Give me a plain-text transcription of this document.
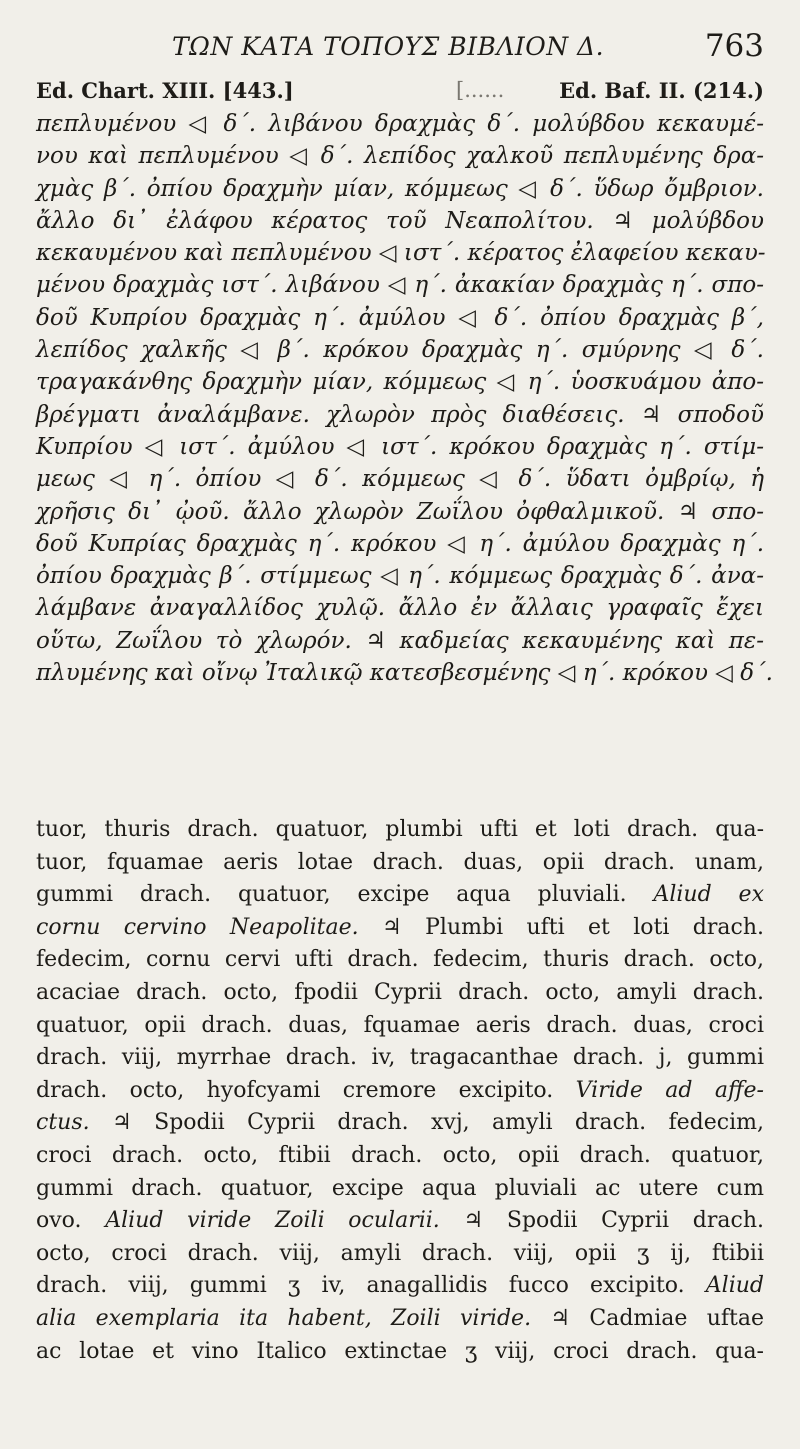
ΤΩΝ ΚΑΤΑ ΤΟΠΟΥΣ ΒΙΒΛΙΟΝ Δ.	763
Ed. Chart. XIII. [443.]	[......	Ed. Baf. II. (214.)
πεπλυμένου ◁ δ΄. λιβάνου δραχμὰς δ΄. μολύβδου κεκαυμέ-
νου καὶ πεπλυμένου ◁ δ΄. λεπίδος χαλκοῦ πεπλυμένης δρα-
χμὰς β΄. ὀπίου δραχμὴν μίαν, κόμμεως ◁ δ΄. ὕδωρ ὄμβριον.
ἄλλο δι᾽ ἐλάφου κέρατος τοῦ Νεαπολίτου. ♃ μολύβδου
κεκαυμένου καὶ πεπλυμένου ◁ ιστ΄. κέρατος ἐλαφείου κεκαυ-
μένου δραχμὰς ιστ΄. λιβάνου ◁ η΄. ἀκακίαν δραχμὰς η΄. σπο-
δοῦ Κυπρίου δραχμὰς η΄. ἀμύλου ◁ δ΄. ὀπίου δραχμὰς β΄,
λεπίδος χαλκῆς ◁ β΄. κρόκου δραχμὰς η΄. σμύρνης ◁ δ΄.
τραγακάνθης δραχμὴν μίαν, κόμμεως ◁ η΄. ὑοσκυάμου ἀπο-
βρέγματι ἀναλάμβανε. χλωρὸν πρὸς διαθέσεις. ♃ σποδοῦ
Κυπρίου ◁ ιστ΄. ἀμύλου ◁ ιστ΄. κρόκου δραχμὰς η΄. στίμ-
μεως ◁ η΄. ὀπίου ◁ δ΄. κόμμεως ◁ δ΄. ὕδατι ὀμβρίῳ, ἡ
χρῆσις δι᾽ ᾠοῦ. ἄλλο χλωρὸν Ζωΐλου ὀφθαλμικοῦ. ♃ σπο-
δοῦ Κυπρίας δραχμὰς η΄. κρόκου ◁ η΄. ἀμύλου δραχμὰς η΄.
ὀπίου δραχμὰς β΄. στίμμεως ◁ η΄. κόμμεως δραχμὰς δ΄. ἀνα-
λάμβανε ἀναγαλλίδος χυλῷ. ἄλλο ἐν ἄλλαις γραφαῖς ἔχει
οὕτω, Ζωΐλου τὸ χλωρόν. ♃ καδμείας κεκαυμένης καὶ πε-
πλυμένης καὶ οἴνῳ Ἰταλικῷ κατεσβεσμένης ◁ η΄. κρόκου ◁ δ΄.
tuor, thuris drach. quatuor, plumbi ufti et loti drach. qua-
tuor, fquamae aeris lotae drach. duas, opii drach. unam,
gummi drach. quatuor, excipe aqua pluviali. Aliud ex
cornu cervino Neapolitae. ♃ Plumbi ufti et loti drach.
fedecim, cornu cervi ufti drach. fedecim, thuris drach. octo,
acaciae drach. octo, fpodii Cyprii drach. octo, amyli drach.
quatuor, opii drach. duas, fquamae aeris drach. duas, croci
drach. viij, myrrhae drach. iv, tragacanthae drach. j, gummi
drach. octo, hyofcyami cremore excipito. Viride ad affe-
ctus. ♃ Spodii Cyprii drach. xvj, amyli drach. fedecim,
croci drach. octo, ftibii drach. octo, opii drach. quatuor,
gummi drach. quatuor, excipe aqua pluviali ac utere cum
ovo. Aliud viride Zoili ocularii. ♃ Spodii Cyprii drach.
octo, croci drach. viij, amyli drach. viij, opii ʒ ij, ftibii
drach. viij, gummi ʒ iv, anagallidis fucco excipito. Aliud
alia exemplaria ita habent, Zoili viride. ♃ Cadmiae uftae
ac lotae et vino Italico extinctae ʒ viij, croci drach. qua-
